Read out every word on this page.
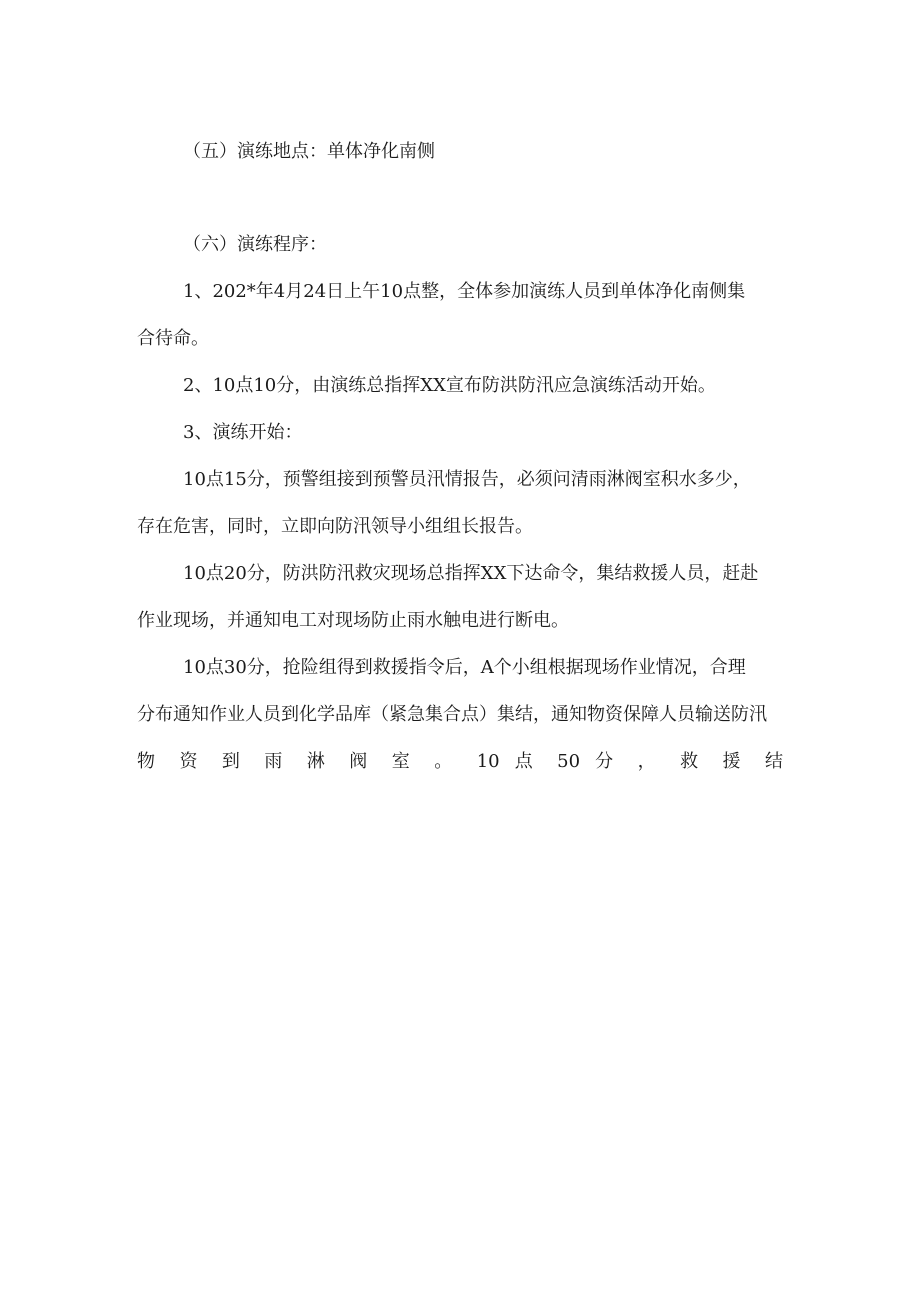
（五）演练地点：单体净化南侧

（六）演练程序：

1、202*年4月24日上午10点整，全体参加演练人员到单体净化南侧集
合待命。

2、10点10分，由演练总指挥XX宣布防洪防汛应急演练活动开始。

3、演练开始：

10点15分，预警组接到预警员汛情报告，必须问清雨淋阀室积水多少，
存在危害，同时，立即向防汛领导小组组长报告。

10点20分，防洪防汛救灾现场总指挥XX下达命令，集结救援人员，赶赴
作业现场，并通知电工对现场防止雨水触电进行断电。

10点30分，抢险组得到救援指令后，A个小组根据现场作业情况，合理
分布通知作业人员到化学品库（紧急集合点）集结，通知物资保障人员输送防汛
物 资 到 雨 淋 阀 室 。 10 点 50 分 ， 救 援 结
